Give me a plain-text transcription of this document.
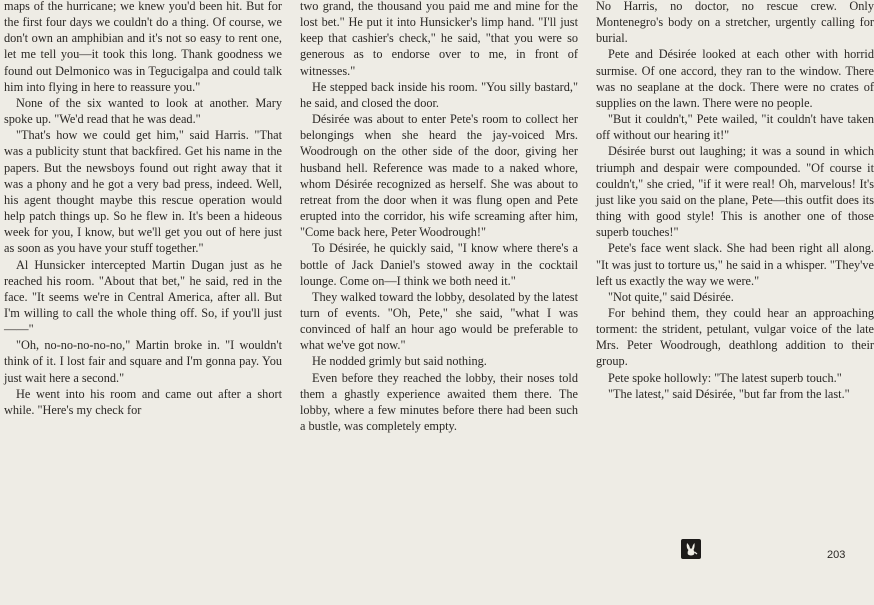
maps of the hurricane; we knew you'd been hit. But for the first four days we couldn't do a thing. Of course, we don't own an amphibian and it's not so easy to rent one, let me tell you—it took this long. Thank goodness we found out Delmonico was in Tegucigalpa and could talk him into flying in here to reassure you."

None of the six wanted to look at another. Mary spoke up. "We'd read that he was dead."

"That's how we could get him," said Harris. "That was a publicity stunt that backfired. Get his name in the papers. But the newsboys found out right away that it was a phony and he got a very bad press, indeed. Well, his agent thought maybe this rescue operation would help patch things up. So he flew in. It's been a hideous week for you, I know, but we'll get you out of here just as soon as you have your stuff together."

Al Hunsicker intercepted Martin Dugan just as he reached his room. "About that bet," he said, red in the face. "It seems we're in Central America, after all. But I'm willing to call the whole thing off. So, if you'll just——"

"Oh, no-no-no-no-no," Martin broke in. "I wouldn't think of it. I lost fair and square and I'm gonna pay. You just wait here a second."

He went into his room and came out after a short while. "Here's my check for

two grand, the thousand you paid me and mine for the lost bet." He put it into Hunsicker's limp hand. "I'll just keep that cashier's check," he said, "that you were so generous as to endorse over to me, in front of witnesses."

He stepped back inside his room. "You silly bastard," he said, and closed the door.

Désirée was about to enter Pete's room to collect her belongings when she heard the jay-voiced Mrs. Woodrough on the other side of the door, giving her husband hell. Reference was made to a naked whore, whom Désirée recognized as herself. She was about to retreat from the door when it was flung open and Pete erupted into the corridor, his wife screaming after him, "Come back here, Peter Woodrough!"

To Désirée, he quickly said, "I know where there's a bottle of Jack Daniel's stowed away in the cocktail lounge. Come on—I think we both need it."

They walked toward the lobby, desolated by the latest turn of events. "Oh, Pete," she said, "what I was convinced of half an hour ago would be preferable to what we've got now."

He nodded grimly but said nothing.

Even before they reached the lobby, their noses told them a ghastly experience awaited them there. The lobby, where a few minutes before there had been such a bustle, was completely empty.

No Harris, no doctor, no rescue crew. Only Montenegro's body on a stretcher, urgently calling for burial.

Pete and Désirée looked at each other with horrid surmise. Of one accord, they ran to the window. There was no seaplane at the dock. There were no crates of supplies on the lawn. There were no people.

"But it couldn't," Pete wailed, "it couldn't have taken off without our hearing it!"

Désirée burst out laughing; it was a sound in which triumph and despair were compounded. "Of course it couldn't," she cried, "if it were real! Oh, marvelous! It's just like you said on the plane, Pete—this outfit does its thing with good style! This is another one of those superb touches!"

Pete's face went slack. She had been right all along. "It was just to torture us," he said in a whisper. "They've left us exactly the way we were."

"Not quite," said Désirée.

For behind them, they could hear an approaching torment: the strident, petulant, vulgar voice of the late Mrs. Peter Woodrough, deathlong addition to their group.

Pete spoke hollowly: "The latest superb touch."

"The latest," said Désirée, "but far from the last."

203
